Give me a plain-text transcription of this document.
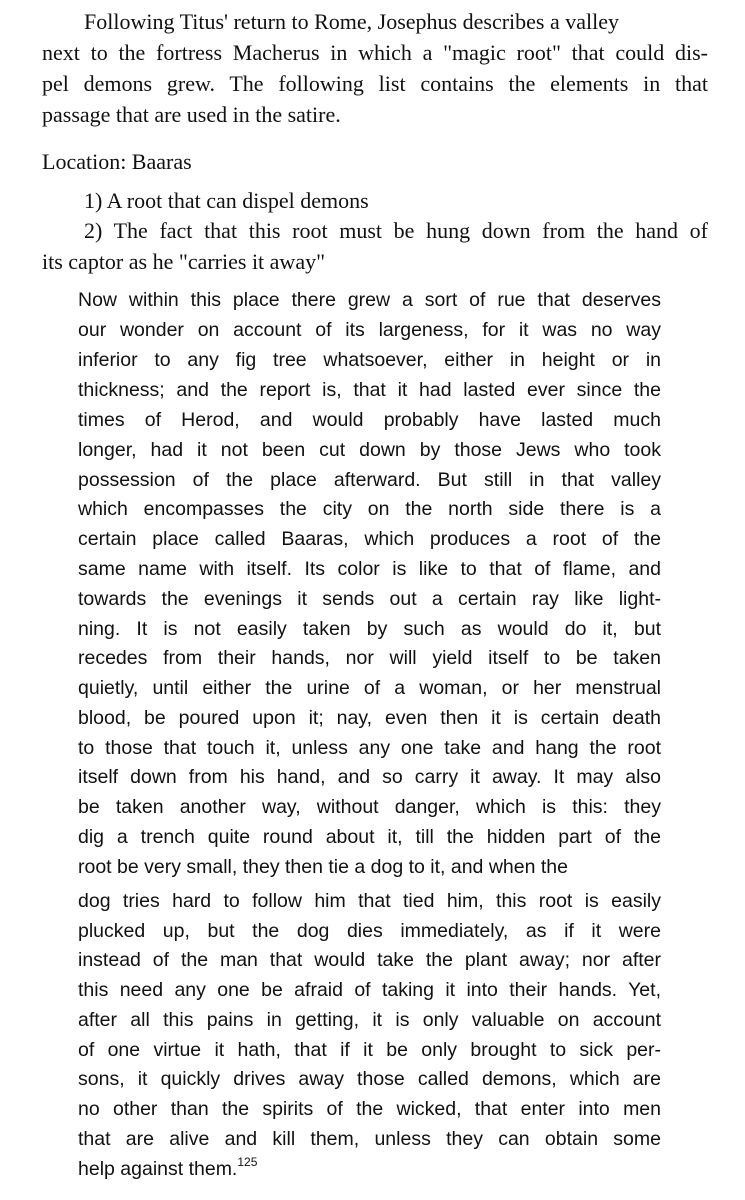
Following Titus' return to Rome, Josephus describes a valley

next to the fortress Macherus in which a "magic root" that could dis-

pel demons grew. The following list contains the elements in that

passage that are used in the satire.

Location: Baaras

1) A root that can dispel demons

2) The fact that this root must be hung down from the hand of

its captor as he "carries it away"

Now within this place there grew a sort of rue that deserves

our wonder on account of its largeness, for it was no way

inferior to any fig tree whatsoever, either in height or in

thickness; and the report is, that it had lasted ever since the

times of Herod, and would probably have lasted much

longer, had it not been cut down by those Jews who took

possession of the place afterward. But still in that valley

which encompasses the city on the north side there is a

certain place called Baaras, which produces a root of the

same name with itself. Its color is like to that of flame, and

towards the evenings it sends out a certain ray like light-

ning. It is not easily taken by such as would do it, but

recedes from their hands, nor will yield itself to be taken

quietly, until either the urine of a woman, or her menstrual

blood, be poured upon it; nay, even then it is certain death

to those that touch it, unless any one take and hang the root

itself down from his hand, and so carry it away. It may also

be taken another way, without danger, which is this: they

dig a trench quite round about it, till the hidden part of the

root be very small, they then tie a dog to it, and when the

dog tries hard to follow him that tied him, this root is easily

plucked up, but the dog dies immediately, as if it were

instead of the man that would take the plant away; nor after

this need any one be afraid of taking it into their hands. Yet,

after all this pains in getting, it is only valuable on account

of one virtue it hath, that if it be only brought to sick per-

sons, it quickly drives away those called demons, which are

no other than the spirits of the wicked, that enter into men

that are alive and kill them, unless they can obtain some

help against them.$^{125}$
